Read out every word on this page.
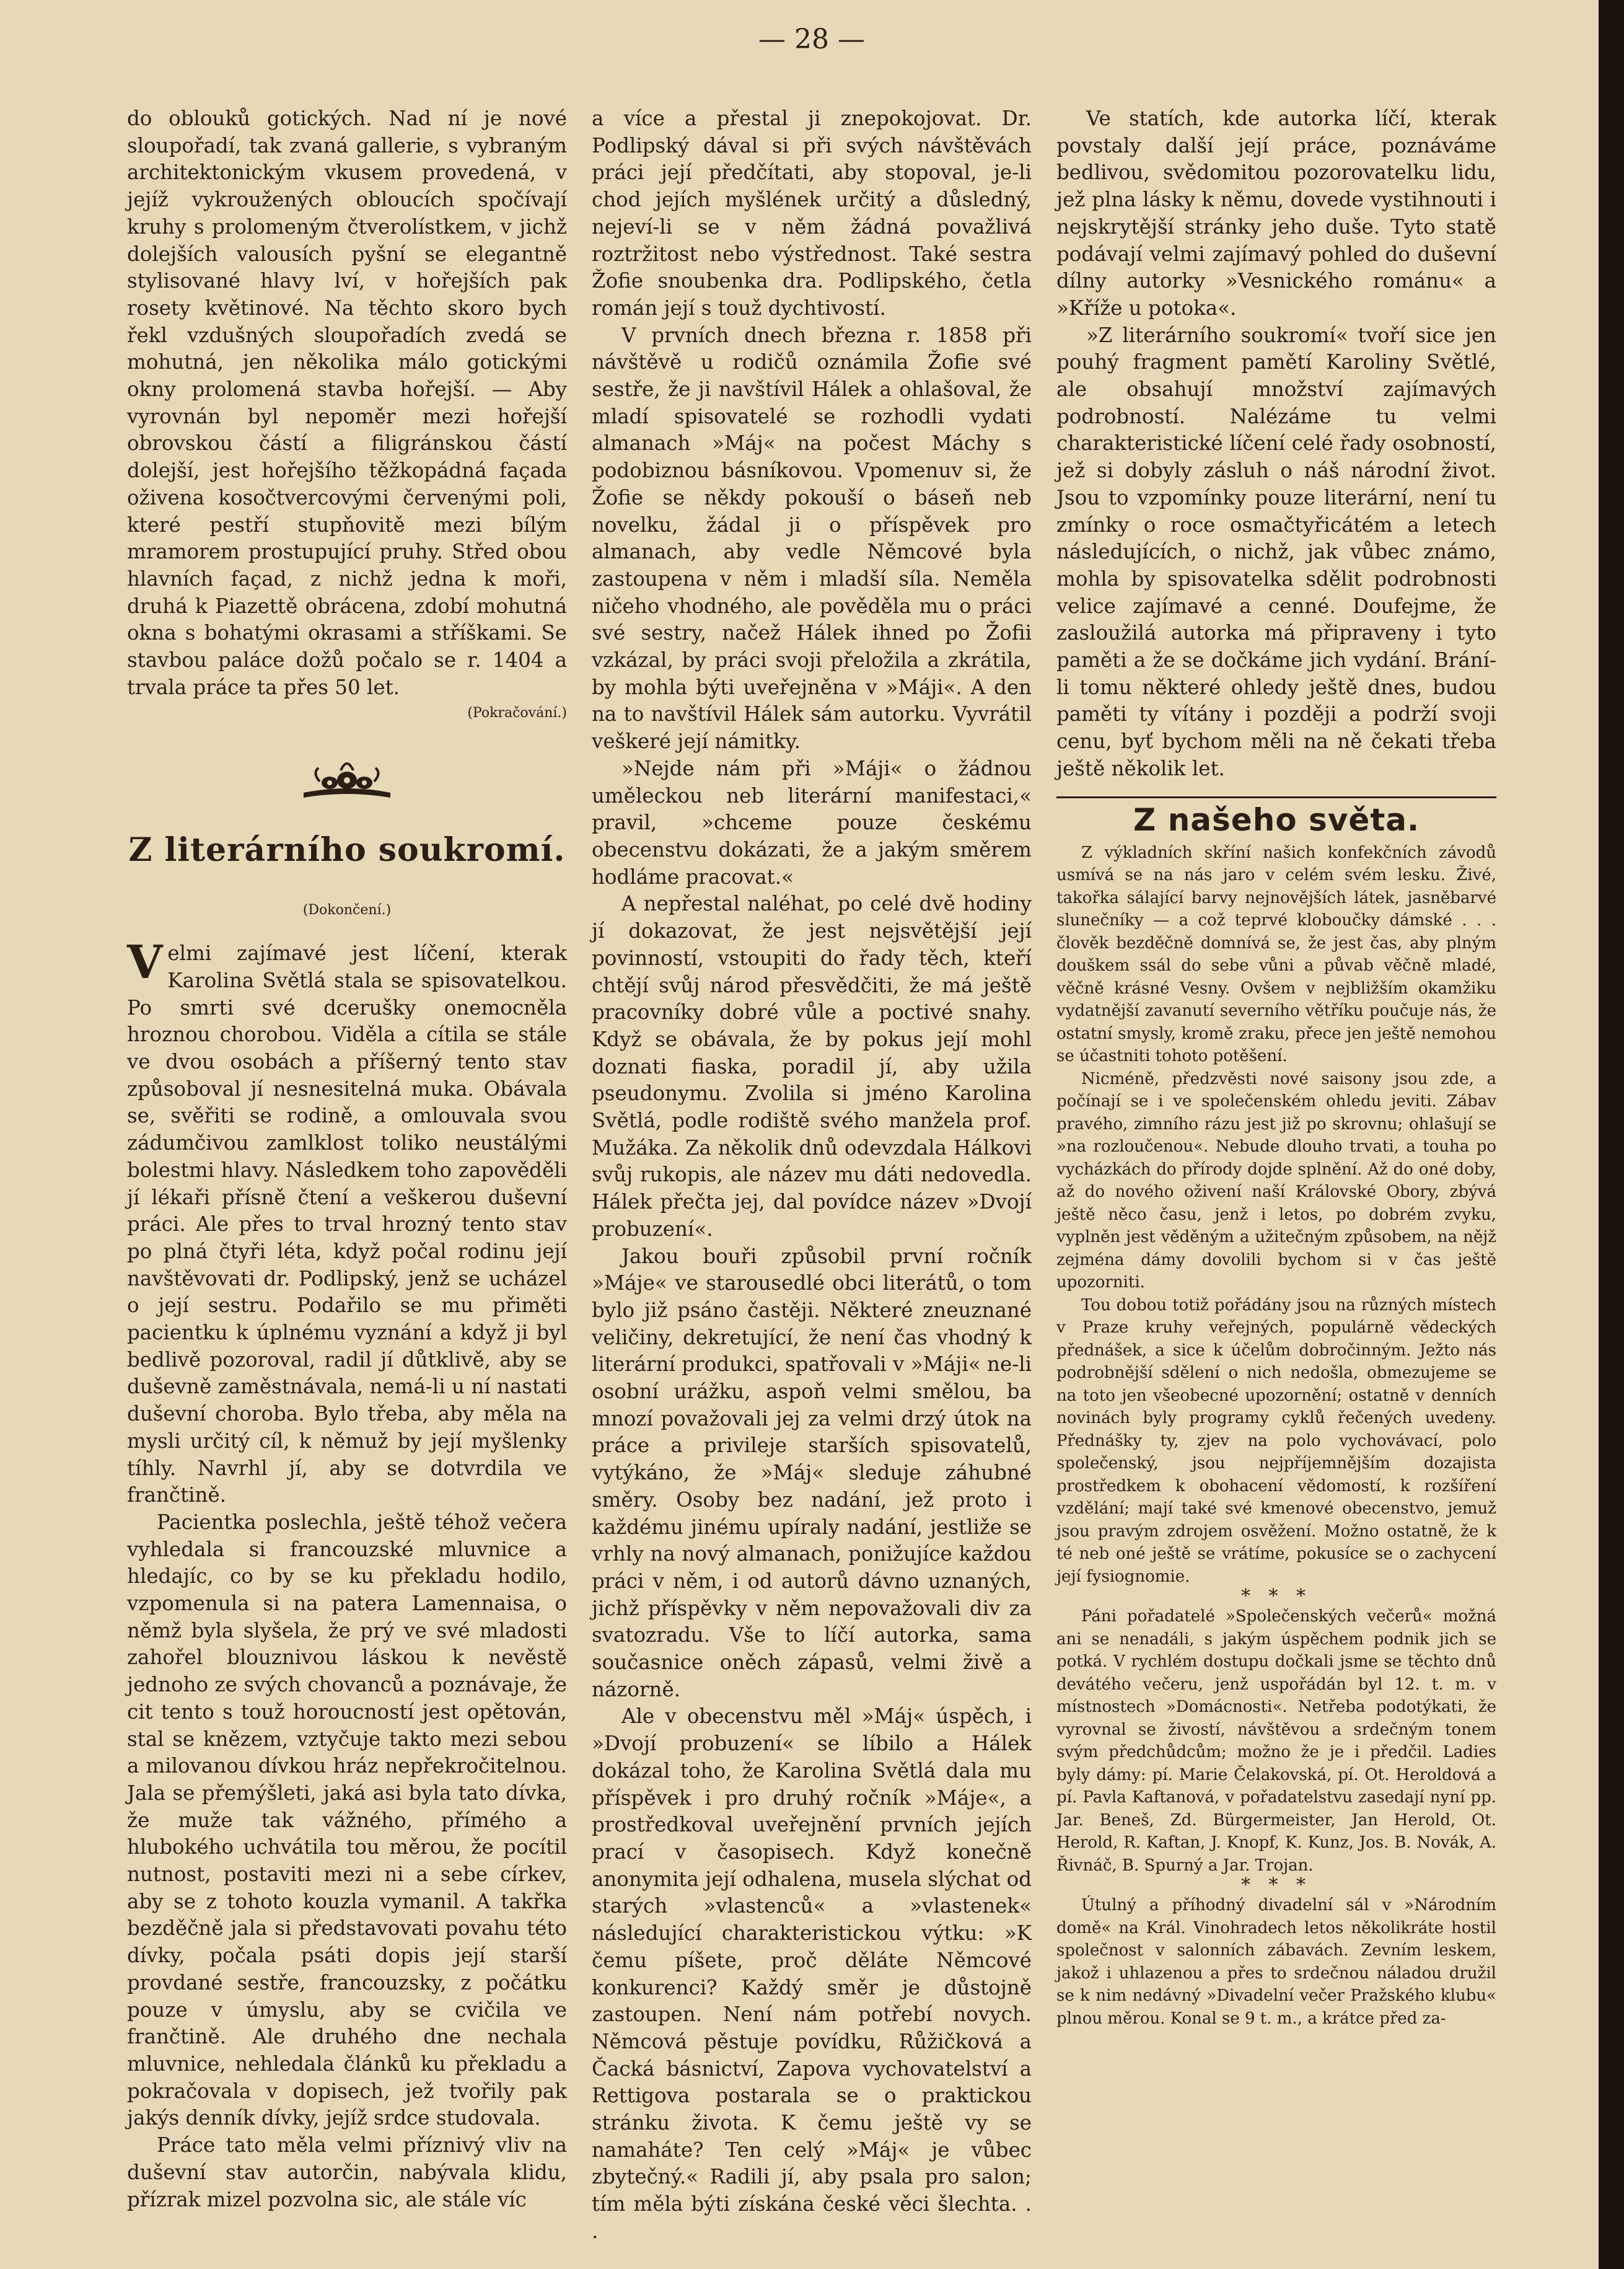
— 28 —

do oblouků gotických. Nad ní je nové sloupořadí, tak zvaná gallerie, s vybraným architektonickým vkusem provedená, v jejíž vykroužených obloucích spočívají kruhy s prolomeným čtverolístkem, v jichž dolejších valousích pyšní se elegantně stylisované hlavy lví, v hořejších pak rosety květinové. Na těchto skoro bych řekl vzdušných sloupořadích zvedá se mohutná, jen několika málo gotickými okny prolomená stavba hořejší. — Aby vyrovnán byl nepoměr mezi hořejší obrovskou částí a filigránskou částí dolejší, jest hořejšího těžkopádná façada oživena kosočtvercovými červenými poli, které pestří stupňovitě mezi bílým mramorem prostupující pruhy. Střed obou hlavních façad, z nichž jedna k moři, druhá k Piazettě obrácena, zdobí mohutná okna s bohatými okrasami a stříškami. Se stavbou paláce dožů počalo se r. 1404 a trvala práce ta přes 50 let.

(Pokračování.)

Z literárního soukromí.
(Dokončení.)

Velmi zajímavé jest líčení, kterak Karolina Světlá stala se spisovatelkou. Po smrti své dcerušky onemocněla hroznou chorobou. Viděla a cítila se stále ve dvou osobách a příšerný tento stav způsoboval jí nesnesitelná muka. Obávala se, svěřiti se rodině, a omlouvala svou zádumčivou zamlklost toliko neustálými bolestmi hlavy. Následkem toho zapověděli jí lékaři přísně čtení a veškerou duševní práci. Ale přes to trval hrozný tento stav po plná čtyři léta, když počal rodinu její navštěvovati dr. Podlipský, jenž se ucházel o její sestru. Podařilo se mu přiměti pacientku k úplnému vyznání a když ji byl bedlivě pozoroval, radil jí důtklivě, aby se duševně zaměstnávala, nemá-li u ní nastati duševní choroba. Bylo třeba, aby měla na mysli určitý cíl, k němuž by její myšlenky tíhly. Navrhl jí, aby se dotvrdila ve frančtině.

Pacientka poslechla, ještě téhož večera vyhledala si francouzské mluvnice a hledajíc, co by se ku překladu hodilo, vzpomenula si na patera Lamennaisa, o němž byla slyšela, že prý ve své mladosti zahořel blouznivou láskou k nevěstě jednoho ze svých chovanců a poznávaje, že cit tento s touž horoucností jest opětován, stal se knězem, vztyčuje takto mezi sebou a milovanou dívkou hráz nepřekročitelnou. Jala se přemýšleti, jaká asi byla tato dívka, že muže tak vážného, přímého a hlubokého uchvátila tou měrou, že pocítil nutnost, postaviti mezi ni a sebe církev, aby se z tohoto kouzla vymanil. A takřka bezděčně jala si představovati povahu této dívky, počala psáti dopis její starší provdané sestře, francouzsky, z počátku pouze v úmyslu, aby se cvičila ve frančtině. Ale druhého dne nechala mluvnice, nehledala článků ku překladu a pokračovala v dopisech, jež tvořily pak jakýs denník dívky, jejíž srdce studovala.

Práce tato měla velmi příznivý vliv na duševní stav autorčin, nabývala klidu, přízrak mizel pozvolna sic, ale stále víc

a více a přestal ji znepokojovat. Dr. Podlipský dával si při svých návštěvách práci její předčítati, aby stopoval, je-li chod jejích myšlének určitý a důsledný, nejeví-li se v něm žádná považlivá roztržitost nebo výstřednost. Také sestra Žofie snoubenka dra. Podlipského, četla román její s touž dychtivostí.

V prvních dnech března r. 1858 při návštěvě u rodičů oznámila Žofie své sestře, že ji navštívil Hálek a ohlašoval, že mladí spisovatelé se rozhodli vydati almanach »Máj« na počest Máchy s podobiznou básníkovou. Vpomenuv si, že Žofie se někdy pokouší o báseň neb novelku, žádal ji o příspěvek pro almanach, aby vedle Němcové byla zastoupena v něm i mladší síla. Neměla ničeho vhodného, ale pověděla mu o práci své sestry, načež Hálek ihned po Žofii vzkázal, by práci svoji přeložila a zkrátila, by mohla býti uveřejněna v »Máji«. A den na to navštívil Hálek sám autorku. Vyvrátil veškeré její námitky.

»Nejde nám při »Máji« o žádnou uměleckou neb literární manifestaci,« pravil, »chceme pouze českému obecenstvu dokázati, že a jakým směrem hodláme pracovat.«

A nepřestal naléhat, po celé dvě hodiny jí dokazovat, že jest nejsvětější její povinností, vstoupiti do řady těch, kteří chtějí svůj národ přesvědčiti, že má ještě pracovníky dobré vůle a poctivé snahy. Když se obávala, že by pokus její mohl doznati fiaska, poradil jí, aby užila pseudonymu. Zvolila si jméno Karolina Světlá, podle rodiště svého manžela prof. Mužáka. Za několik dnů odevzdala Hálkovi svůj rukopis, ale název mu dáti nedovedla. Hálek přečta jej, dal povídce název »Dvojí probuzení«.

Jakou bouři způsobil první ročník »Máje« ve starousedlé obci literátů, o tom bylo již psáno častěji. Některé zneuznané veličiny, dekretující, že není čas vhodný k literární produkci, spatřovali v »Máji« ne-li osobní urážku, aspoň velmi smělou, ba mnozí považovali jej za velmi drzý útok na práce a privileje starších spisovatelů, vytýkáno, že »Máj« sleduje záhubné směry. Osoby bez nadání, jež proto i každému jinému upíraly nadání, jestliže se vrhly na nový almanach, ponižujíce každou práci v něm, i od autorů dávno uznaných, jichž příspěvky v něm nepovažovali div za svatozradu. Vše to líčí autorka, sama současnice oněch zápasů, velmi živě a názorně.

Ale v obecenstvu měl »Máj« úspěch, i »Dvojí probuzení« se líbilo a Hálek dokázal toho, že Karolina Světlá dala mu příspěvek i pro druhý ročník »Máje«, a prostředkoval uveřejnění prvních jejích prací v časopisech. Když konečně anonymita její odhalena, musela slýchat od starých »vlastenců« a »vlastenek« následující charakteristickou výtku: »K čemu píšete, proč děláte Němcové konkurenci? Každý směr je důstojně zastoupen. Není nám potřebí novych. Němcová pěstuje povídku, Růžičková a Čacká básnictví, Zapova vychovatelství a Rettigova postarala se o praktickou stránku života. K čemu ještě vy se namaháte? Ten celý »Máj« je vůbec zbytečný.« Radili jí, aby psala pro salon; tím měla býti získána české věci šlechta. . .

Ve statích, kde autorka líčí, kterak povstaly další její práce, poznáváme bedlivou, svědomitou pozorovatelku lidu, jež plna lásky k němu, dovede vystihnouti i nejskrytější stránky jeho duše. Tyto statě podávají velmi zajímavý pohled do duševní dílny autorky »Vesnického románu« a »Kříže u potoka«.

»Z literárního soukromí« tvoří sice jen pouhý fragment pamětí Karoliny Světlé, ale obsahují množství zajímavých podrobností. Nalézáme tu velmi charakteristické líčení celé řady osobností, jež si dobyly zásluh o náš národní život. Jsou to vzpomínky pouze literární, není tu zmínky o roce osmačtyřicátém a letech následujících, o nichž, jak vůbec známo, mohla by spisovatelka sdělit podrobnosti velice zajímavé a cenné. Doufejme, že zasloužilá autorka má připraveny i tyto paměti a že se dočkáme jich vydání. Brání-li tomu některé ohledy ještě dnes, budou paměti ty vítány i později a podrží svoji cenu, byť bychom měli na ně čekati třeba ještě několik let.

Z našeho světa.

Z výkladních skříní našich konfekčních závodů usmívá se na nás jaro v celém svém lesku. Živé, takořka sálající barvy nejnovějších látek, jasněbarvé slunečníky — a což teprvé kloboučky dámské . . . člověk bezděčně domnívá se, že jest čas, aby plným douškem ssál do sebe vůni a půvab věčně mladé, věčně krásné Vesny. Ovšem v nejbližším okamžiku vydatnější zavanutí severního větříku poučuje nás, že ostatní smysly, kromě zraku, přece jen ještě nemohou se účastniti tohoto potěšení.

Nicméně, předzvěsti nové saisony jsou zde, a počínají se i ve společenském ohledu jeviti. Zábav pravého, zimního rázu jest již po skrovnu; ohlašují se »na rozloučenou«. Nebude dlouho trvati, a touha po vycházkách do přírody dojde splnění. Až do oné doby, až do nového oživení naší Královské Obory, zbývá ještě něco času, jenž i letos, po dobrém zvyku, vyplněn jest věděným a užitečným způsobem, na nějž zejména dámy dovolili bychom si v čas ještě upozorniti.

Tou dobou totiž pořádány jsou na různých místech v Praze kruhy veřejných, populárně vědeckých přednášek, a sice k účelům dobročinným. Ježto nás podrobnější sdělení o nich nedošla, obmezujeme se na toto jen všeobecné upozornění; ostatně v denních novinách byly programy cyklů řečených uvedeny. Přednášky ty, zjev na polo vychovávací, polo společenský, jsou nejpříjemnějším dozajista prostředkem k obohacení vědomostí, k rozšíření vzdělání; mají také své kmenové obecenstvo, jemuž jsou pravým zdrojem osvěžení. Možno ostatně, že k té neb oné ještě se vrátíme, pokusíce se o zachycení její fysiognomie.

* * *

Páni pořadatelé »Společenských večerů« možná ani se nenadáli, s jakým úspěchem podnik jich se potká. V rychlém dostupu dočkali jsme se těchto dnů devátého večeru, jenž uspořádán byl 12. t. m. v místnostech »Domácnosti«. Netřeba podotýkati, že vyrovnal se živostí, návštěvou a srdečným tonem svým předchůdcům; možno že je i předčil. Ladies byly dámy: pí. Marie Čelakovská, pí. Ot. Heroldová a pí. Pavla Kaftanová, v pořadatelstvu zasedají nyní pp. Jar. Beneš, Zd. Bürgermeister, Jan Herold, Ot. Herold, R. Kaftan, J. Knopf, K. Kunz, Jos. B. Novák, A. Řivnáč, B. Spurný a Jar. Trojan.

* * *

Útulný a příhodný divadelní sál v »Národním domě« na Král. Vinohradech letos několikráte hostil společnost v salonních zábavách. Zevním leskem, jakož i uhlazenou a přes to srdečnou náladou družil se k nim nedávný »Divadelní večer Pražského klubu« plnou měrou. Konal se 9 t. m., a krátce před za-
